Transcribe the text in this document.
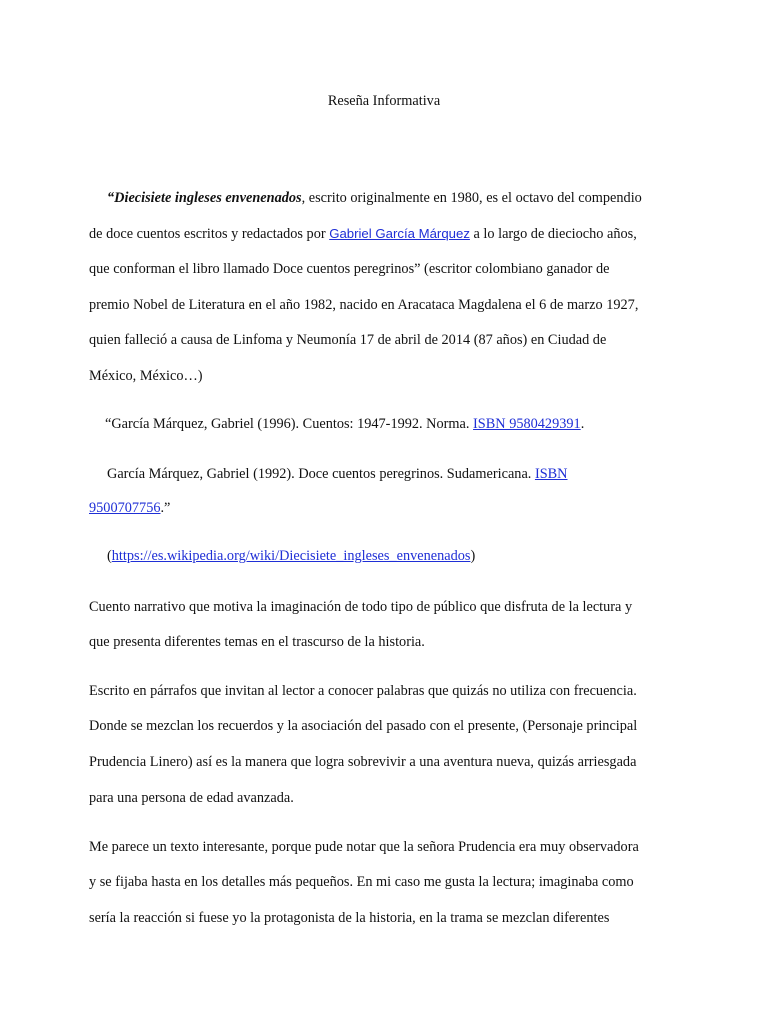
Reseña Informativa
“Diecisiete ingleses envenenados, escrito originalmente en 1980, es el octavo del compendio
de doce cuentos escritos y redactados por Gabriel García Márquez a lo largo de dieciocho años,
que conforman el libro llamado Doce cuentos peregrinos” (escritor colombiano ganador de
premio Nobel de Literatura en el año 1982, nacido en Aracataca Magdalena el 6 de marzo 1927,
quien falleció a causa de Linfoma y Neumonía 17 de abril de 2014 (87 años) en Ciudad de
México, México…)
“García Márquez, Gabriel (1996). Cuentos: 1947-1992. Norma. ISBN 9580429391.
García Márquez, Gabriel (1992). Doce cuentos peregrinos. Sudamericana. ISBN
9500707756.”
(https://es.wikipedia.org/wiki/Diecisiete_ingleses_envenenados)
Cuento narrativo que motiva la imaginación de todo tipo de público que disfruta de la lectura y
que presenta diferentes temas en el trascurso de la historia.
Escrito en párrafos que invitan al lector a conocer palabras que quizás no utiliza con frecuencia.
Donde se mezclan los recuerdos y la asociación del pasado con el presente, (Personaje principal
Prudencia Linero) así es la manera que logra sobrevivir a una aventura nueva, quizás arriesgada
para una persona de edad avanzada.
Me parece un texto interesante, porque pude notar que la señora Prudencia era muy observadora
y se fijaba hasta en los detalles más pequeños. En mi caso me gusta la lectura; imaginaba como
sería la reacción si fuese yo la protagonista de la historia, en la trama se mezclan diferentes
